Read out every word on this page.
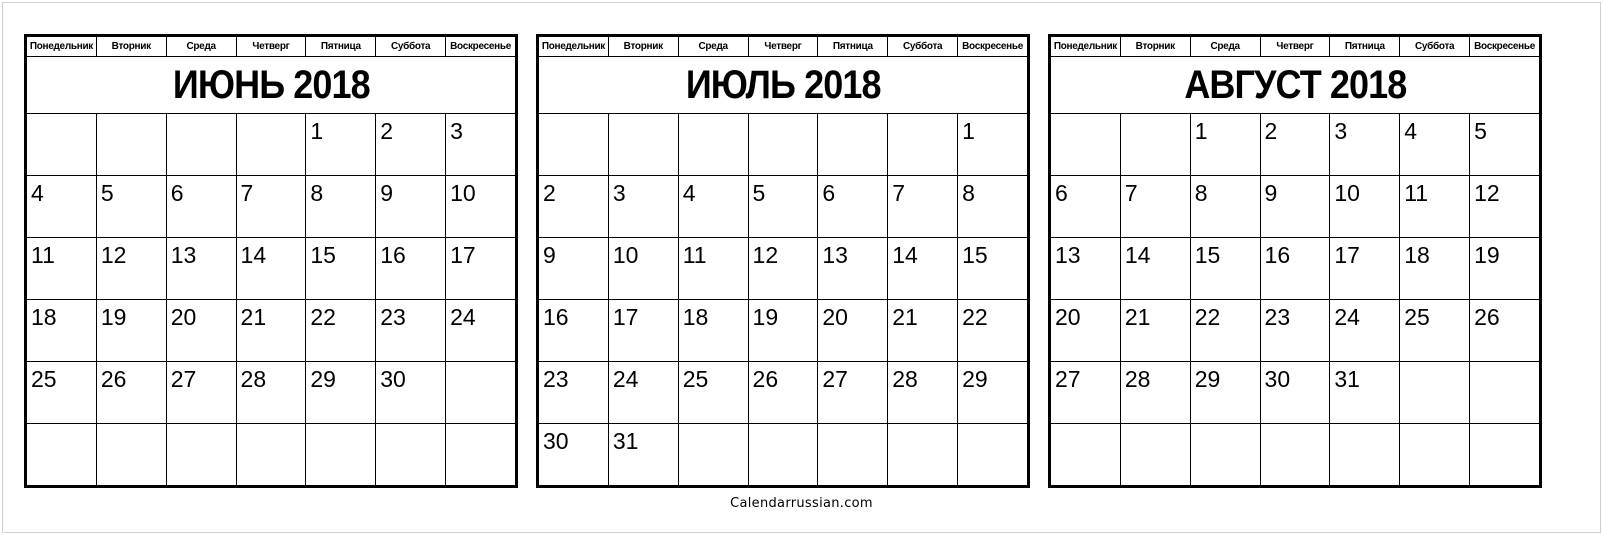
Понедельник	Вторник	Среда	Четверг	Пятница	Суббота	Воскресенье
ИЮНЬ 2018						
				1	2	3
4	5	6	7	8	9	10
11	12	13	14	15	16	17
18	19	20	21	22	23	24
25	26	27	28	29	30	

Понедельник	Вторник	Среда	Четверг	Пятница	Суббота	Воскресенье
ИЮЛЬ 2018						
						1
2	3	4	5	6	7	8
9	10	11	12	13	14	15
16	17	18	19	20	21	22
23	24	25	26	27	28	29
30	31					
Понедельник	Вторник	Среда	Четверг	Пятница	Суббота	Воскресенье
АВГУСТ 2018						
		1	2	3	4	5
6	7	8	9	10	11	12
13	14	15	16	17	18	19
20	21	22	23	24	25	26
27	28	29	30	31		

Calendarrussian.com
